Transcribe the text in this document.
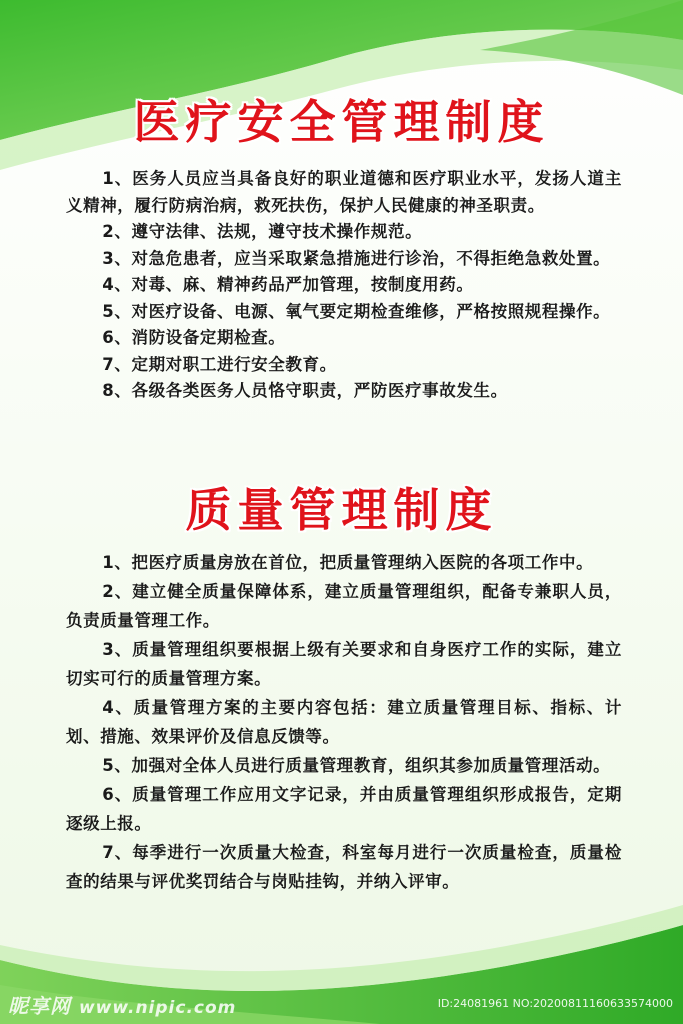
医疗安全管理制度
1、医务人员应当具备良好的职业道德和医疗职业水平，发扬人道主义精神，履行防病治病，救死扶伤，保护人民健康的神圣职责。
2、遵守法律、法规，遵守技术操作规范。
3、对急危患者，应当采取紧急措施进行诊治，不得拒绝急救处置。
4、对毒、麻、精神药品严加管理，按制度用药。
5、对医疗设备、电源、氧气要定期检查维修，严格按照规程操作。
6、消防设备定期检查。
7、定期对职工进行安全教育。
8、各级各类医务人员恪守职责，严防医疗事故发生。
质量管理制度
1、把医疗质量房放在首位，把质量管理纳入医院的各项工作中。
2、建立健全质量保障体系，建立质量管理组织，配备专兼职人员，负责质量管理工作。
3、质量管理组织要根据上级有关要求和自身医疗工作的实际，建立切实可行的质量管理方案。
4、质量管理方案的主要内容包括：建立质量管理目标、指标、计划、措施、效果评价及信息反馈等。
5、加强对全体人员进行质量管理教育，组织其参加质量管理活动。
6、质量管理工作应用文字记录，并由质量管理组织形成报告，定期逐级上报。
7、每季进行一次质量大检查，科室每月进行一次质量检查，质量检查的结果与评优奖罚结合与岗贴挂钩，并纳入评审。
昵享网 www.nipic.com	ID:24081961 NO:20200811160633574000
